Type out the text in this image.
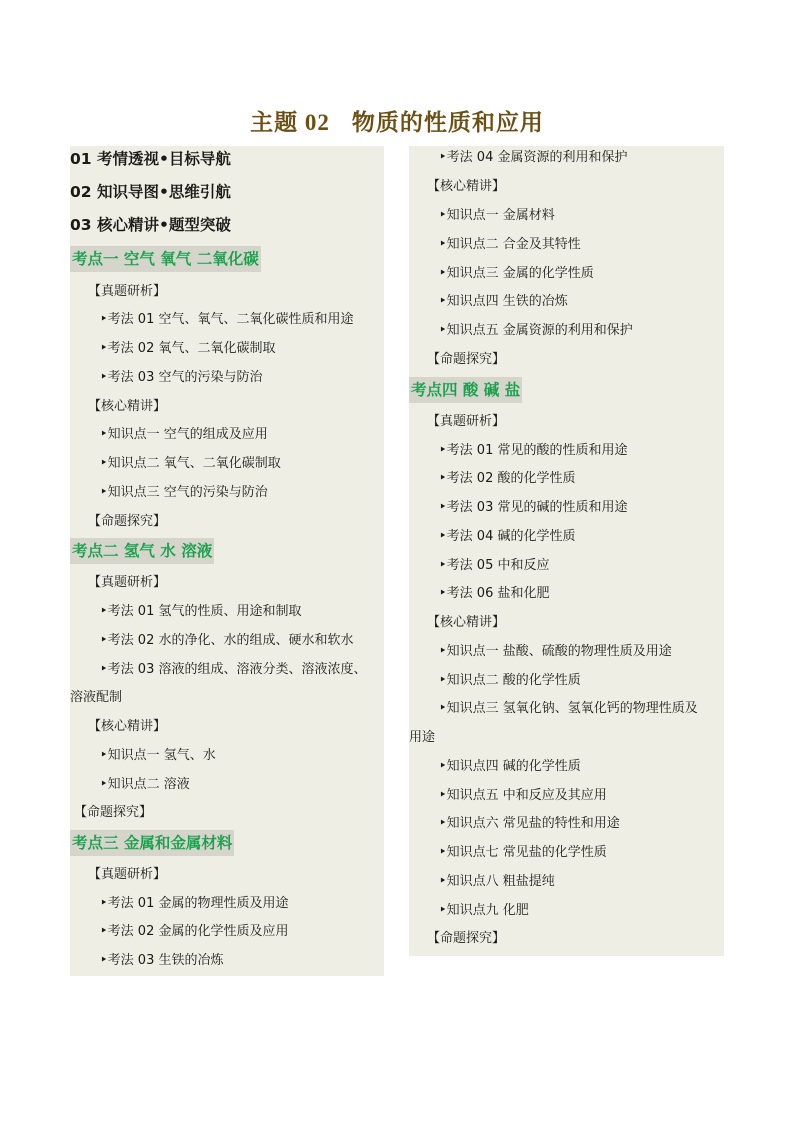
主题 02 物质的性质和应用
01 考情透视•目标导航
02 知识导图•思维引航
03 核心精讲•题型突破
考点一 空气 氧气 二氧化碳
【真题研析】
‣考法 01 空气、氧气、二氧化碳性质和用途
‣考法 02 氧气、二氧化碳制取
‣考法 03 空气的污染与防治
【核心精讲】
‣知识点一 空气的组成及应用
‣知识点二 氧气、二氧化碳制取
‣知识点三 空气的污染与防治
【命题探究】
考点二 氢气 水 溶液
【真题研析】
‣考法 01 氢气的性质、用途和制取
‣考法 02 水的净化、水的组成、硬水和软水
‣考法 03 溶液的组成、溶液分类、溶液浓度、
溶液配制
【核心精讲】
‣知识点一 氢气、水
‣知识点二 溶液
【命题探究】
考点三 金属和金属材料
【真题研析】
‣考法 01 金属的物理性质及用途
‣考法 02 金属的化学性质及应用
‣考法 03 生铁的冶炼
‣考法 04 金属资源的利用和保护
【核心精讲】
‣知识点一 金属材料
‣知识点二 合金及其特性
‣知识点三 金属的化学性质
‣知识点四 生铁的冶炼
‣知识点五 金属资源的利用和保护
【命题探究】
考点四 酸 碱 盐
【真题研析】
‣考法 01 常见的酸的性质和用途
‣考法 02 酸的化学性质
‣考法 03 常见的碱的性质和用途
‣考法 04 碱的化学性质
‣考法 05 中和反应
‣考法 06 盐和化肥
【核心精讲】
‣知识点一 盐酸、硫酸的物理性质及用途
‣知识点二 酸的化学性质
‣知识点三 氢氧化钠、氢氧化钙的物理性质及
用途
‣知识点四 碱的化学性质
‣知识点五 中和反应及其应用
‣知识点六 常见盐的特性和用途
‣知识点七 常见盐的化学性质
‣知识点八 粗盐提纯
‣知识点九 化肥
【命题探究】
